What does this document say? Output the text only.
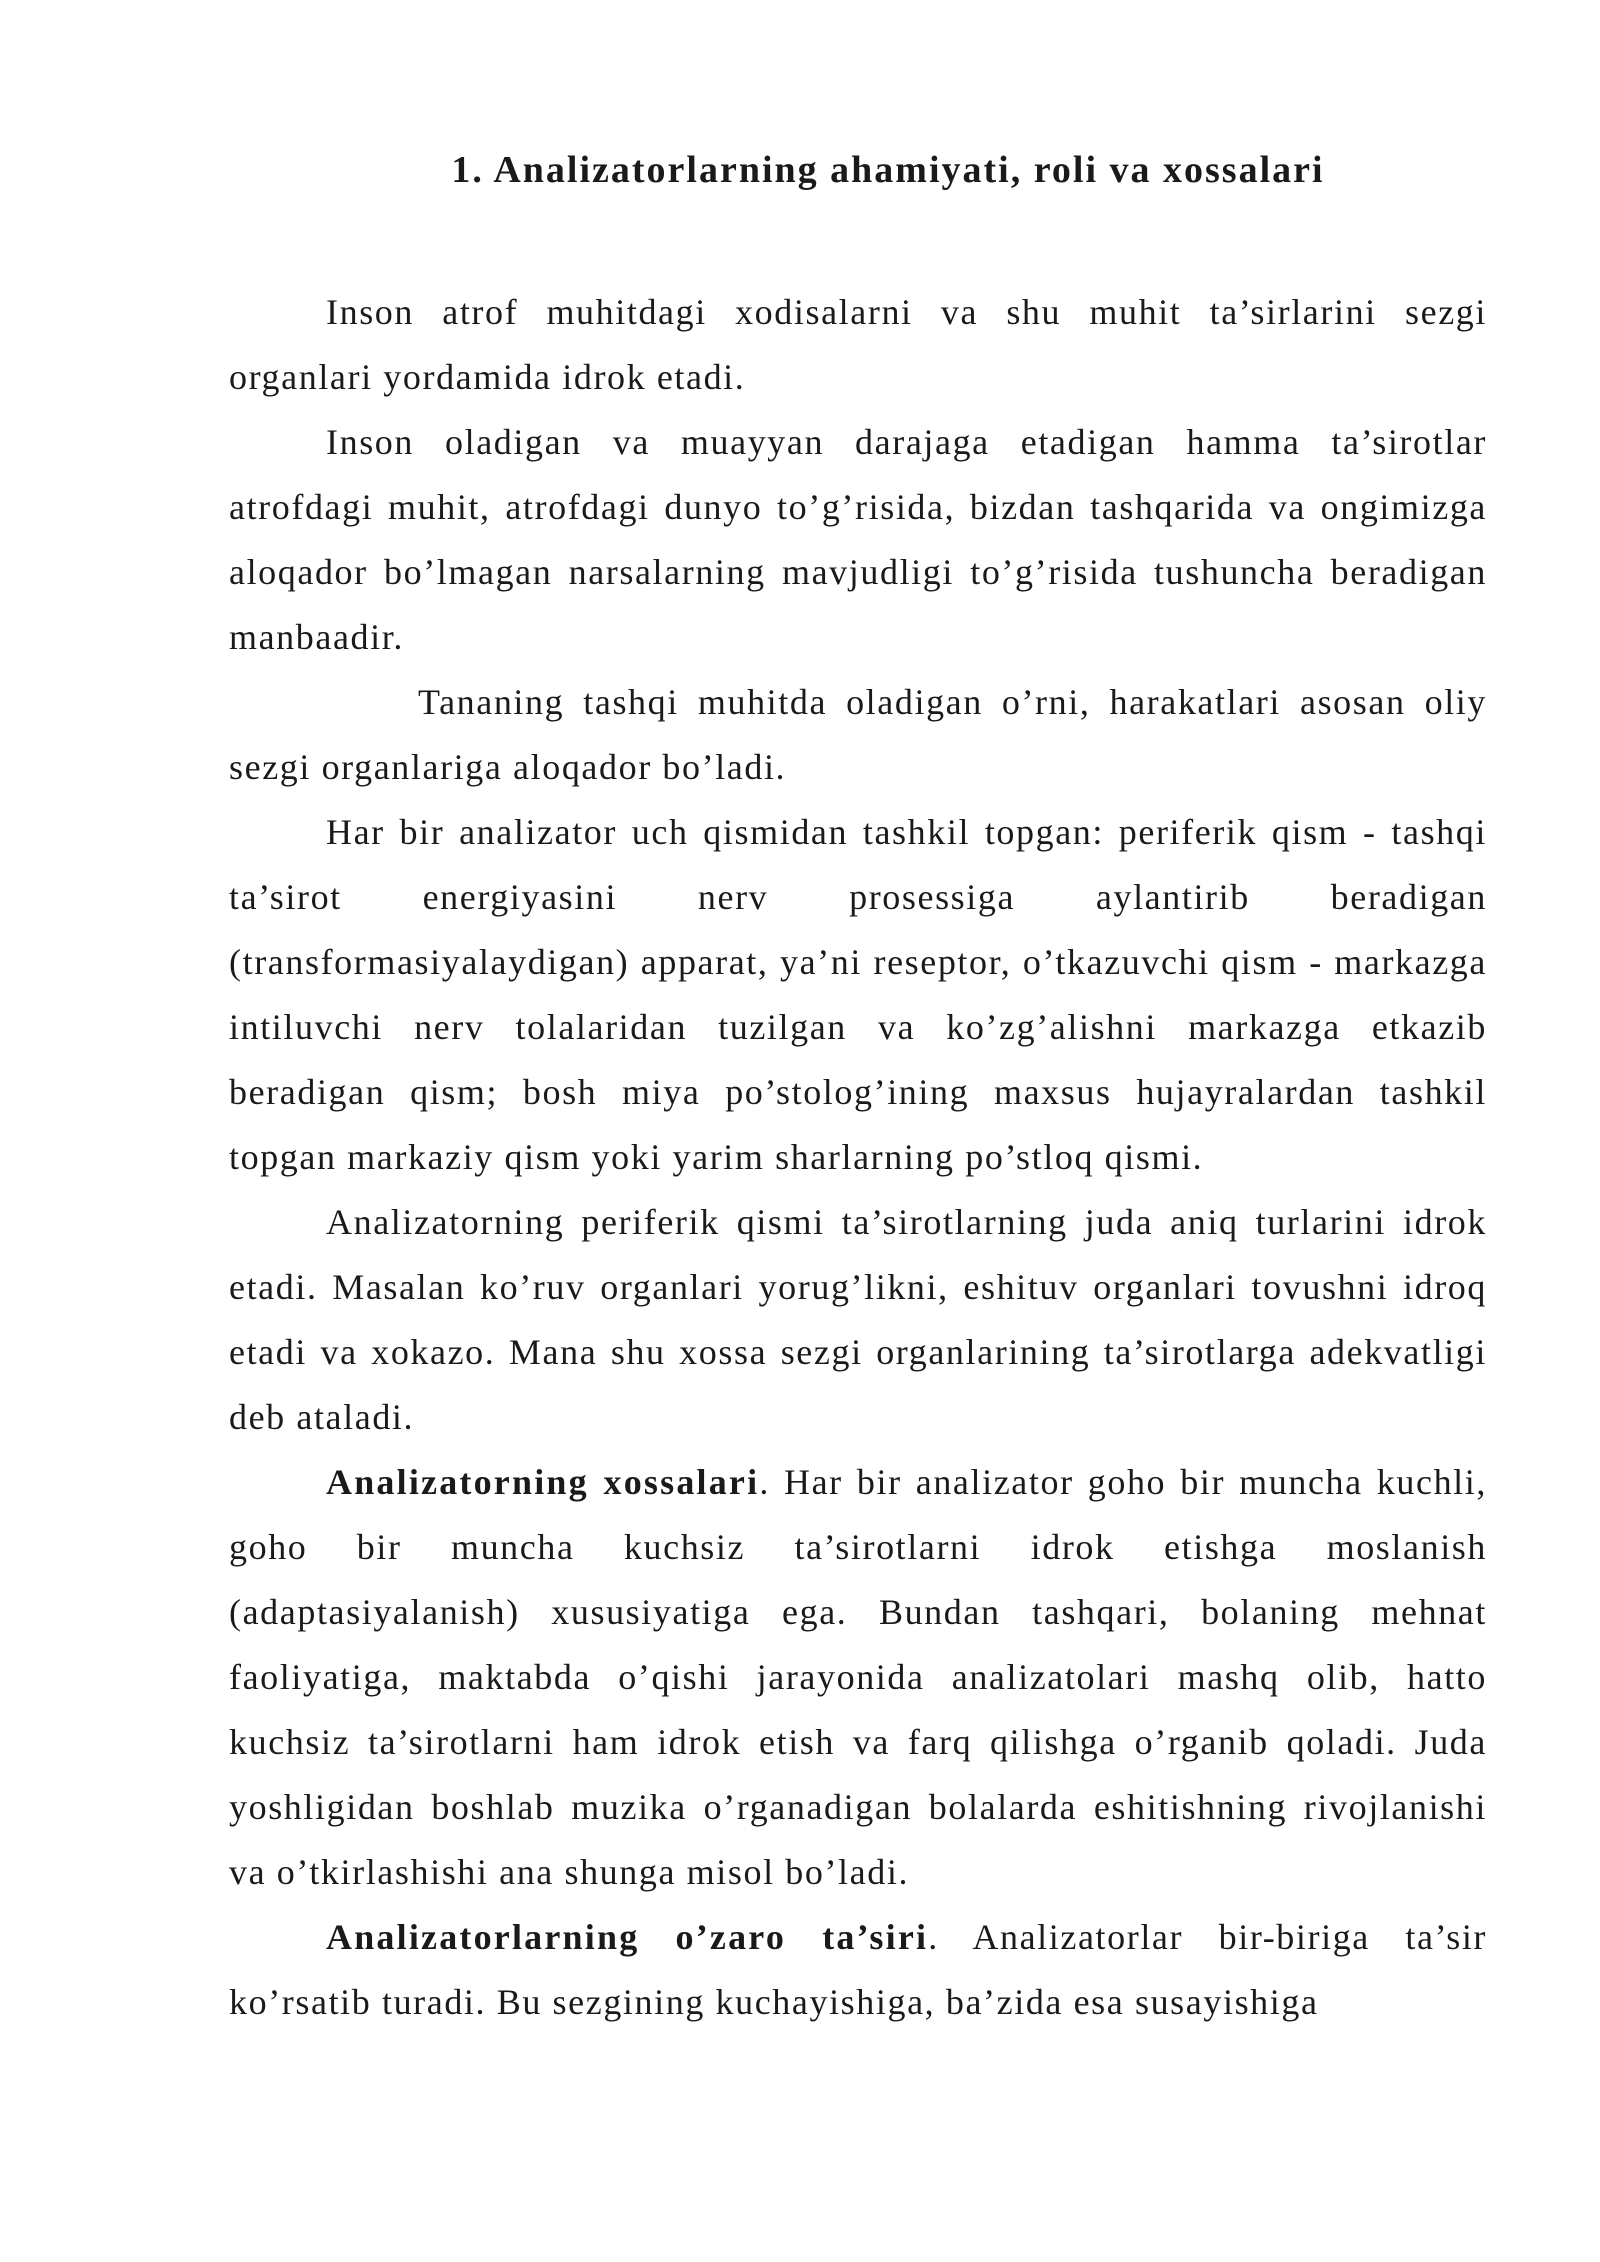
1. Analizatorlarning ahamiyati, roli va xossalari

Inson atrof muhitdagi xodisalarni va shu muhit ta’sirlarini sezgi organlari yordamida idrok etadi.

Inson oladigan va muayyan darajaga etadigan hamma ta’sirotlar atrofdagi muhit, atrofdagi dunyo to’g’risida, bizdan tashqarida va ongimizga aloqador bo’lmagan narsalarning mavjudligi to’g’risida tushuncha beradigan manbaadir.

Tananing tashqi muhitda oladigan o’rni, harakatlari asosan oliy sezgi organlariga aloqador bo’ladi.

Har bir analizator uch qismidan tashkil topgan: periferik qism - tashqi ta’sirot energiyasini nerv prosessiga aylantirib beradigan (transformasiyalaydigan) apparat, ya’ni reseptor, o’tkazuvchi qism - markazga intiluvchi nerv tolalaridan tuzilgan va ko’zg’alishni markazga etkazib beradigan qism; bosh miya po’stolog’ining maxsus hujayralardan tashkil topgan markaziy qism yoki yarim sharlarning po’stloq qismi.

Analizatorning periferik qismi ta’sirotlarning juda aniq turlarini idrok etadi. Masalan ko’ruv organlari yorug’likni, eshituv organlari tovushni idroq etadi va xokazo. Mana shu xossa sezgi organlarining ta’sirotlarga adekvatligi deb ataladi.

Analizatorning xossalari. Har bir analizator goho bir muncha kuchli, goho bir muncha kuchsiz ta’sirotlarni idrok etishga moslanish (adaptasiyalanish) xususiyatiga ega. Bundan tashqari, bolaning mehnat faoliyatiga, maktabda o’qishi jarayonida analizatolari mashq olib, hatto kuchsiz ta’sirotlarni ham idrok etish va farq qilishga o’rganib qoladi. Juda yoshligidan boshlab muzika o’rganadigan bolalarda eshitishning rivojlanishi va o’tkirlashishi ana shunga misol bo’ladi.

Analizatorlarning o’zaro ta’siri. Analizatorlar bir-biriga ta’sir ko’rsatib turadi. Bu sezgining kuchayishiga, ba’zida esa susayishiga
